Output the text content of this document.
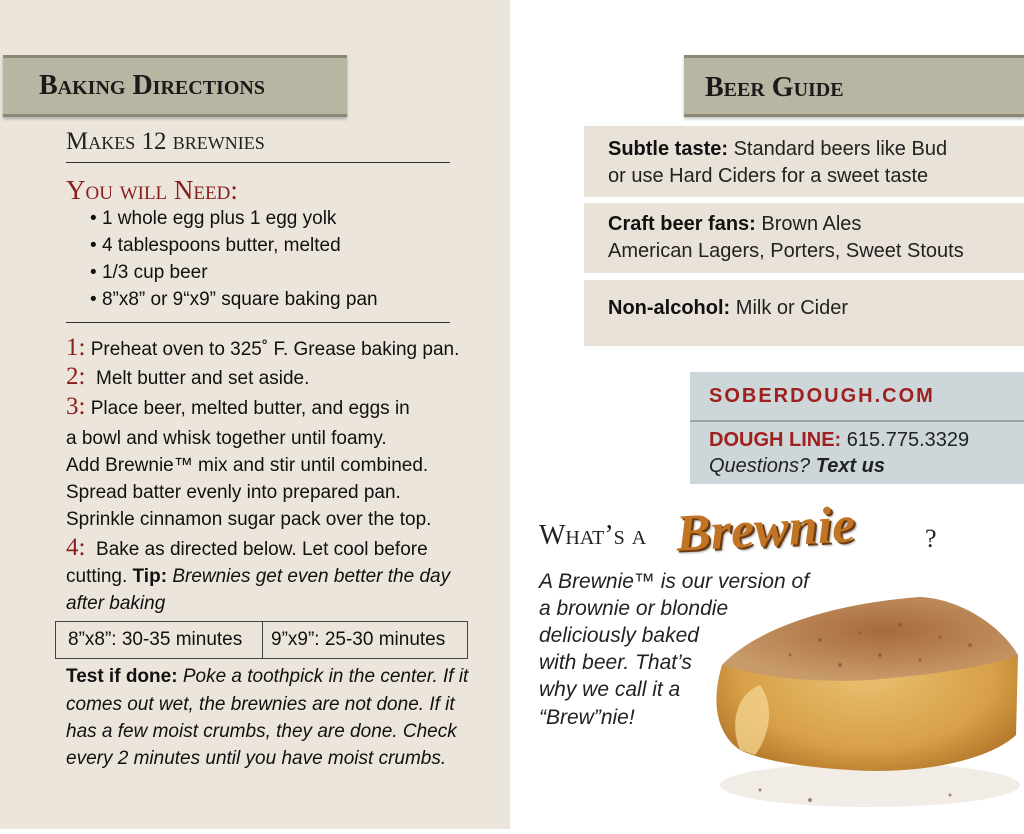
Baking Directions
Makes 12 brewnies
You will Need:
• 1 whole egg plus 1 egg yolk
• 4 tablespoons butter, melted
• 1/3 cup beer
• 8”x8” or 9“x9” square baking pan
1: Preheat oven to 325˚ F. Grease baking pan.
2: Melt butter and set aside.
3: Place beer, melted butter, and eggs in
a bowl and whisk together until foamy.
Add Brewnie™ mix and stir until combined.
Spread batter evenly into prepared pan.
Sprinkle cinnamon sugar pack over the top.
4: Bake as directed below. Let cool before
cutting. Tip: Brewnies get even better the day
after baking
8”x8”: 30-35 minutes	9”x9”: 25-30 minutes
Test if done: Poke a toothpick in the center. If it
comes out wet, the brewnies are not done. If it
has a few moist crumbs, they are done. Check
every 2 minutes until you have moist crumbs.
Beer Guide
Subtle taste: Standard beers like Bud
or use Hard Ciders for a sweet taste
Craft beer fans: Brown Ales
American Lagers, Porters, Sweet Stouts
Non-alcohol: Milk or Cider
SOBERDOUGH.COM
DOUGH LINE: 615.775.3329
Questions? Text us
What’s a Brewnie	?
A Brewnie™ is our version of
a brownie or blondie
deliciously baked
with beer. That’s
why we call it a
“Brew”nie!
